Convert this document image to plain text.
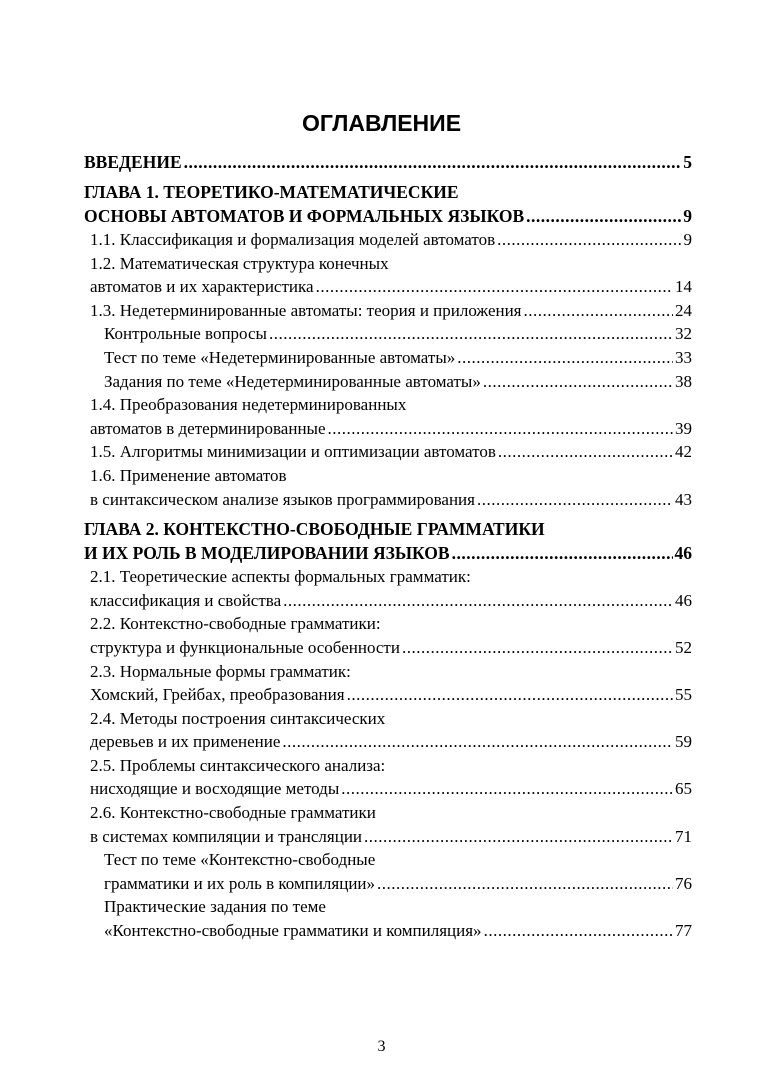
ОГЛАВЛЕНИЕ
ВВЕДЕНИЕ .....	5
ГЛАВА 1. ТЕОРЕТИКО-МАТЕМАТИЧЕСКИЕ
ОСНОВЫ АВТОМАТОВ И ФОРМАЛЬНЫХ ЯЗЫКОВ .....	9
1.1. Классификация и формализация моделей автоматов .....	9
1.2. Математическая структура конечных
автоматов и их характеристика .....	14
1.3. Недетерминированные автоматы: теория и приложения .....	24
Контрольные вопросы .....	32
Тест по теме «Недетерминированные автоматы» .....	33
Задания по теме «Недетерминированные автоматы» .....	38
1.4. Преобразования недетерминированных
автоматов в детерминированные .....	39
1.5. Алгоритмы минимизации и оптимизации автоматов .....	42
1.6. Применение автоматов
в синтаксическом анализе языков программирования .....	43
ГЛАВА 2. КОНТЕКСТНО-СВОБОДНЫЕ ГРАММАТИКИ
И ИХ РОЛЬ В МОДЕЛИРОВАНИИ ЯЗЫКОВ .....	46
2.1. Теоретические аспекты формальных грамматик:
классификация и свойства .....	46
2.2. Контекстно-свободные грамматики:
структура и функциональные особенности .....	52
2.3. Нормальные формы грамматик:
Хомский, Грейбах, преобразования .....	55
2.4. Методы построения синтаксических
деревьев и их применение .....	59
2.5. Проблемы синтаксического анализа:
нисходящие и восходящие методы .....	65
2.6. Контекстно-свободные грамматики
в системах компиляции и трансляции .....	71
Тест по теме «Контекстно-свободные
грамматики и их роль в компиляции» .....	76
Практические задания по теме
«Контекстно-свободные грамматики и компиляция» .....	77
3
